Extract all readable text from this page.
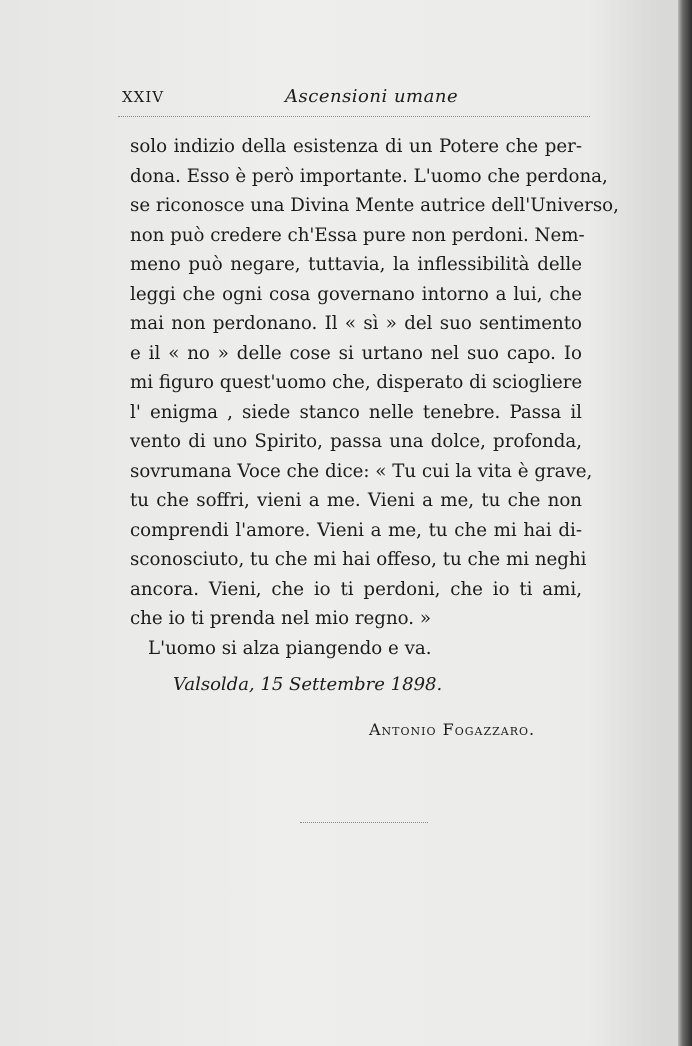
XXIV	Ascensioni umane
solo indizio della esistenza di un Potere che per-
dona. Esso è però importante. L'uomo che perdona,
se riconosce una Divina Mente autrice dell'Universo,
non può credere ch'Essa pure non perdoni. Nem-
meno può negare, tuttavia, la inflessibilità delle
leggi che ogni cosa governano intorno a lui, che
mai non perdonano. Il « sì » del suo sentimento
e il « no » delle cose si urtano nel suo capo. Io
mi figuro quest'uomo che, disperato di sciogliere
l' enigma , siede stanco nelle tenebre. Passa il
vento di uno Spirito, passa una dolce, profonda,
sovrumana Voce che dice: « Tu cui la vita è grave,
tu che soffri, vieni a me. Vieni a me, tu che non
comprendi l'amore. Vieni a me, tu che mi hai di-
sconosciuto, tu che mi hai offeso, tu che mi neghi
ancora. Vieni, che io ti perdoni, che io ti ami,
che io ti prenda nel mio regno. »
L'uomo si alza piangendo e va.
Valsolda, 15 Settembre 1898.
Antonio Fogazzaro.
